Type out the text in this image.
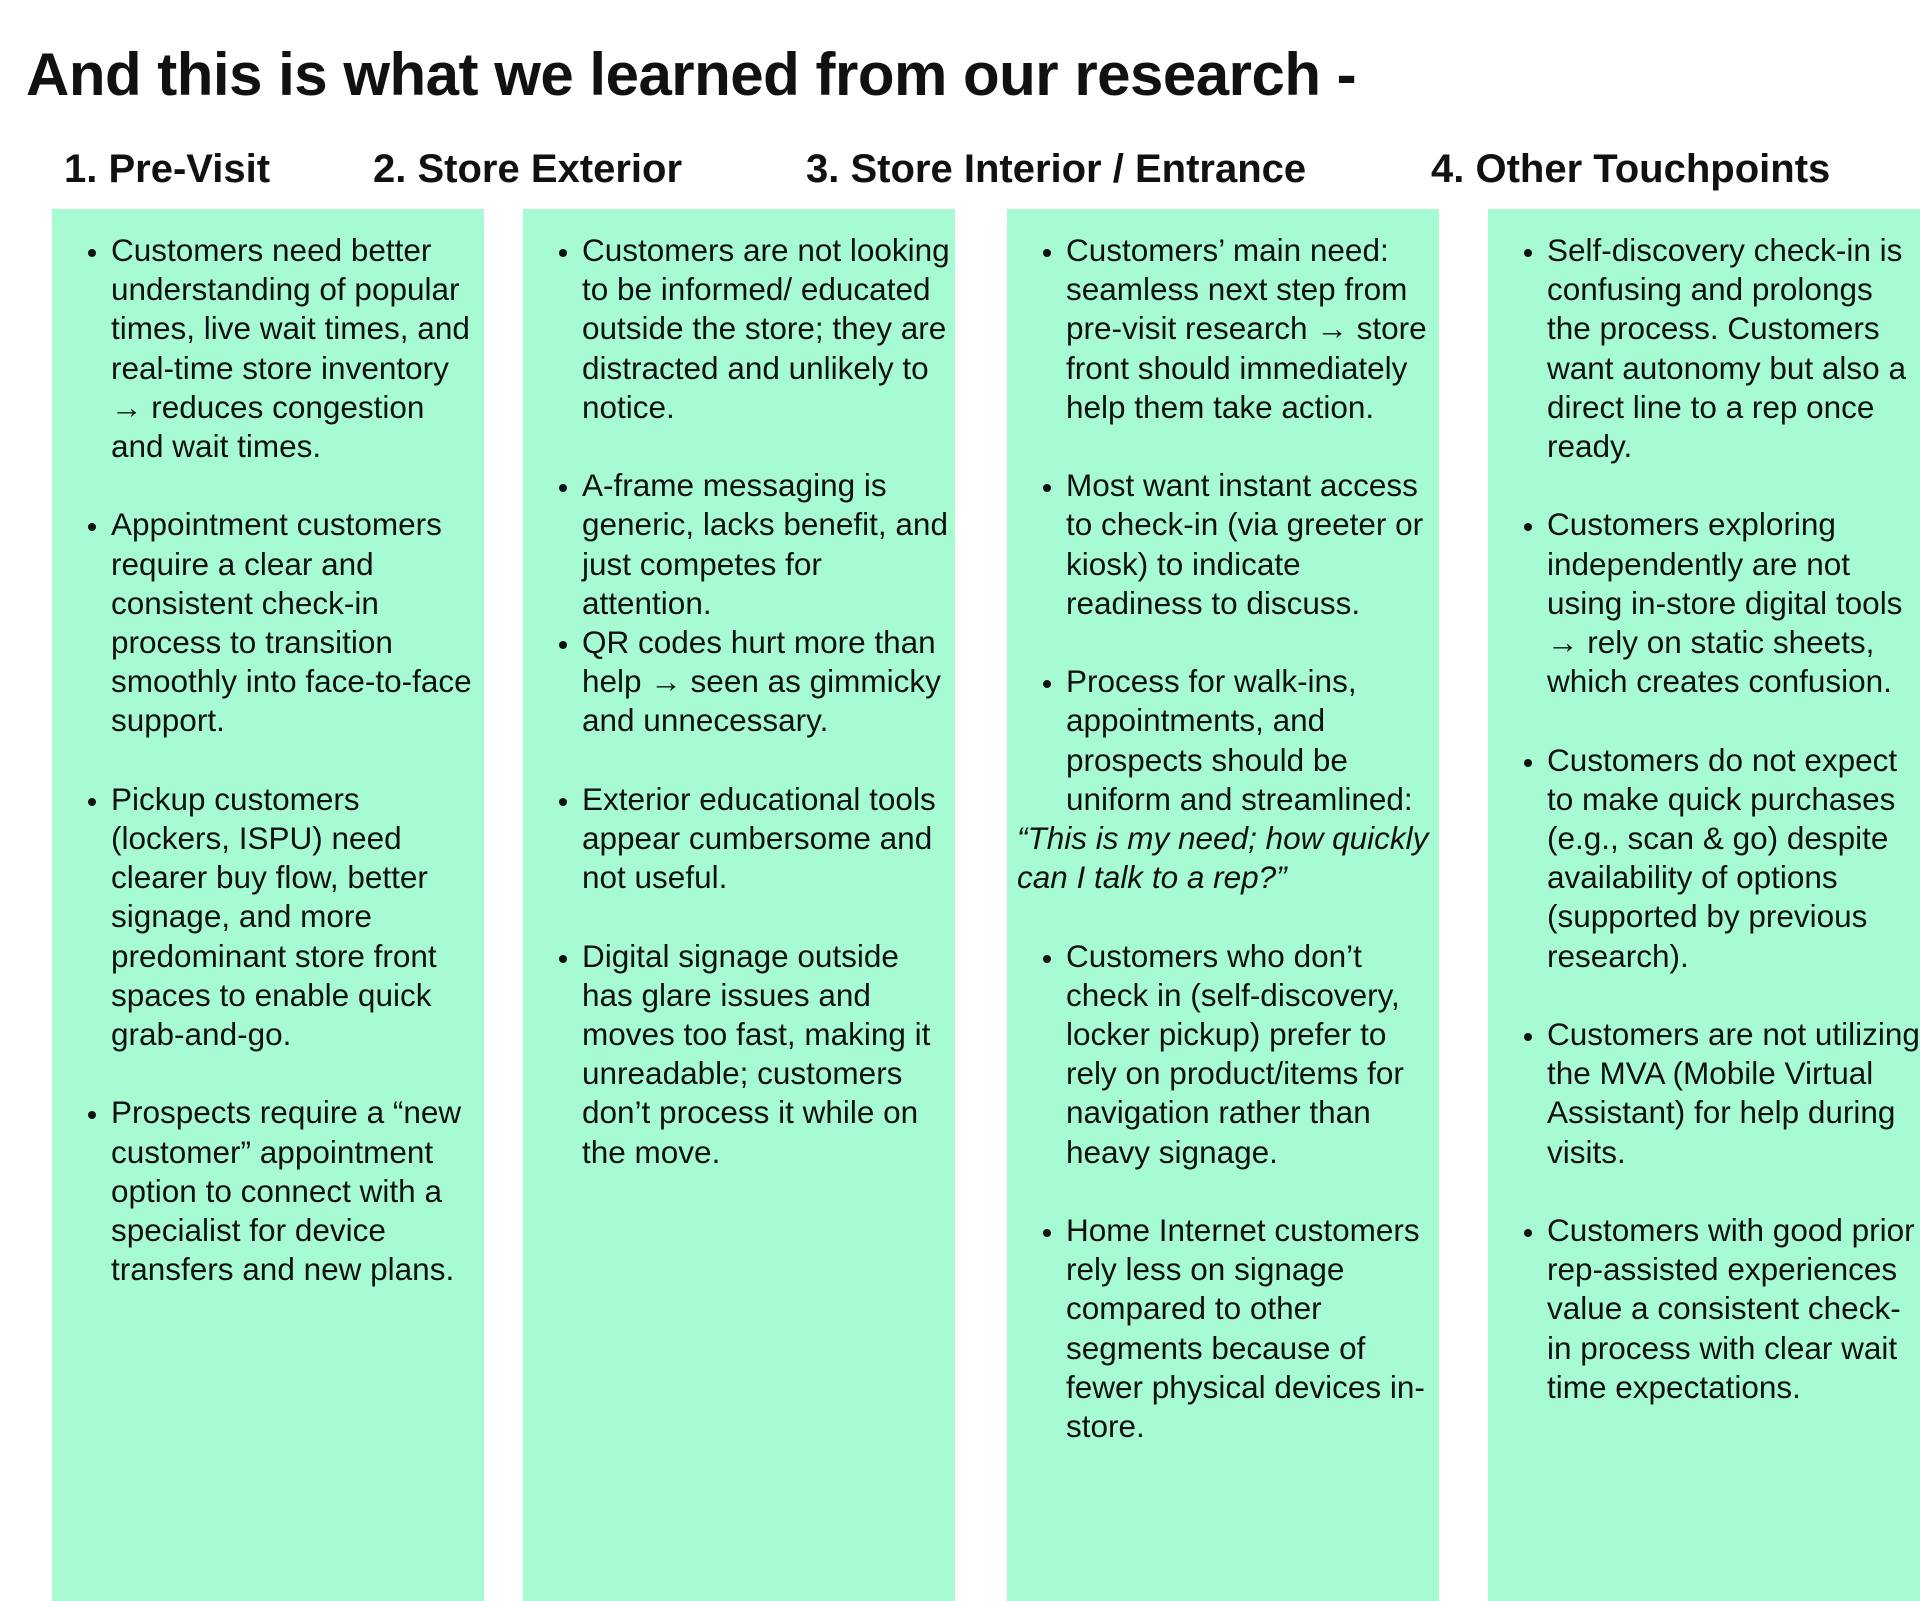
And this is what we learned from our research -
1. Pre-Visit	2. Store Exterior	3. Store Interior / Entrance	4. Other Touchpoints
• Customers need better understanding of popular times, live wait times, and real-time store inventory → reduces congestion and wait times.
• Appointment customers require a clear and consistent check-in process to transition smoothly into face-to-face support.
• Pickup customers (lockers, ISPU) need clearer buy flow, better signage, and more predominant store front spaces to enable quick grab-and-go.
• Prospects require a “new customer” appointment option to connect with a specialist for device transfers and new plans.
• Customers are not looking to be informed/ educated outside the store; they are distracted and unlikely to notice.
• A-frame messaging is generic, lacks benefit, and just competes for attention.
• QR codes hurt more than help → seen as gimmicky and unnecessary.
• Exterior educational tools appear cumbersome and not useful.
• Digital signage outside has glare issues and moves too fast, making it unreadable; customers don’t process it while on the move.
• Customers’ main need: seamless next step from pre-visit research → store front should immediately help them take action.
• Most want instant access to check-in (via greeter or kiosk) to indicate readiness to discuss.
• Process for walk-ins, appointments, and prospects should be uniform and streamlined:

“This is my need; how quickly can I talk to a rep?”

• Customers who don’t check in (self-discovery, locker pickup) prefer to rely on product/items for navigation rather than heavy signage.
• Home Internet customers rely less on signage compared to other segments because of fewer physical devices in-store.
• Self-discovery check-in is confusing and prolongs the process. Customers want autonomy but also a direct line to a rep once ready.
• Customers exploring independently are not using in-store digital tools → rely on static sheets, which creates confusion.
• Customers do not expect to make quick purchases (e.g., scan & go) despite availability of options (supported by previous research).
• Customers are not utilizing the MVA (Mobile Virtual Assistant) for help during visits.
• Customers with good prior rep-assisted experiences value a consistent check-in process with clear wait time expectations.
